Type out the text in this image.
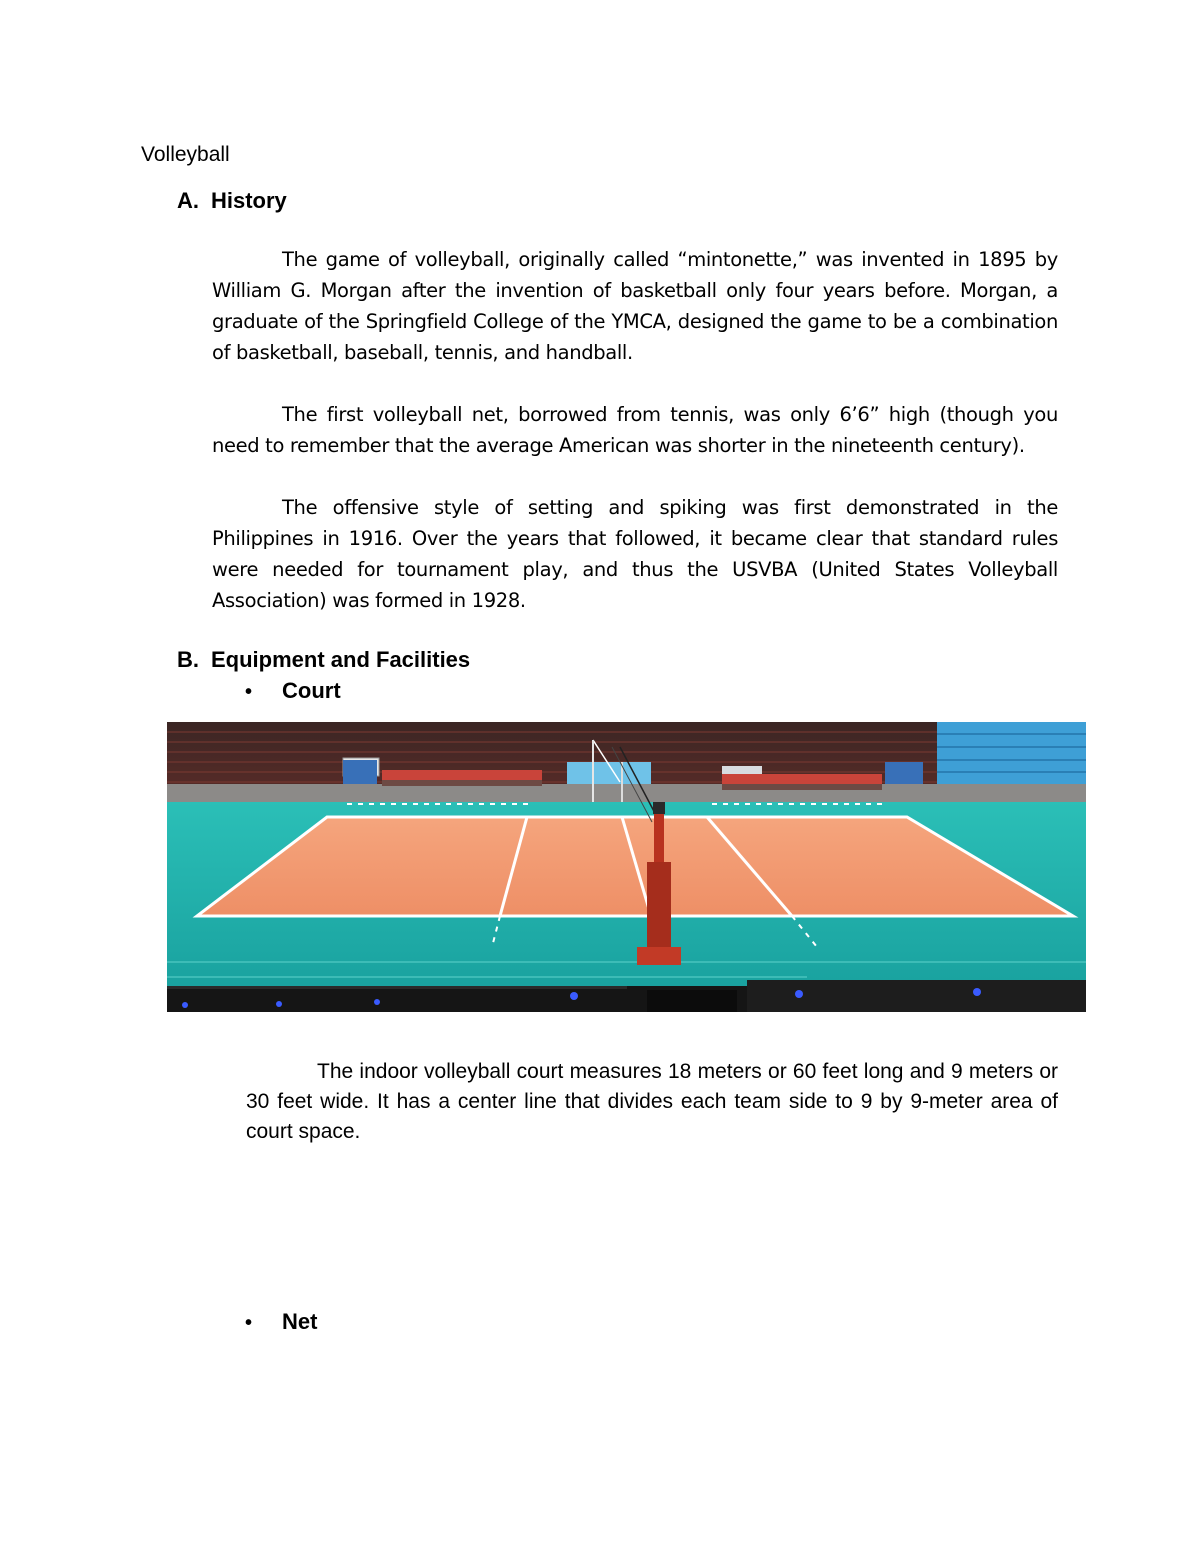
Volleyball
A. History
The game of volleyball, originally called “mintonette,” was invented in 1895 by William G. Morgan after the invention of basketball only four years before. Morgan, a graduate of the Springfield College of the YMCA, designed the game to be a combination of basketball, baseball, tennis, and handball.
The first volleyball net, borrowed from tennis, was only 6’6” high (though you need to remember that the average American was shorter in the nineteenth century).
The offensive style of setting and spiking was first demonstrated in the Philippines in 1916. Over the years that followed, it became clear that standard rules were needed for tournament play, and thus the USVBA (United States Volleyball Association) was formed in 1928.
B. Equipment and Facilities
• Court
The indoor volleyball court measures 18 meters or 60 feet long and 9 meters or 30 feet wide. It has a center line that divides each team side to 9 by 9-meter area of court space.
• Net
